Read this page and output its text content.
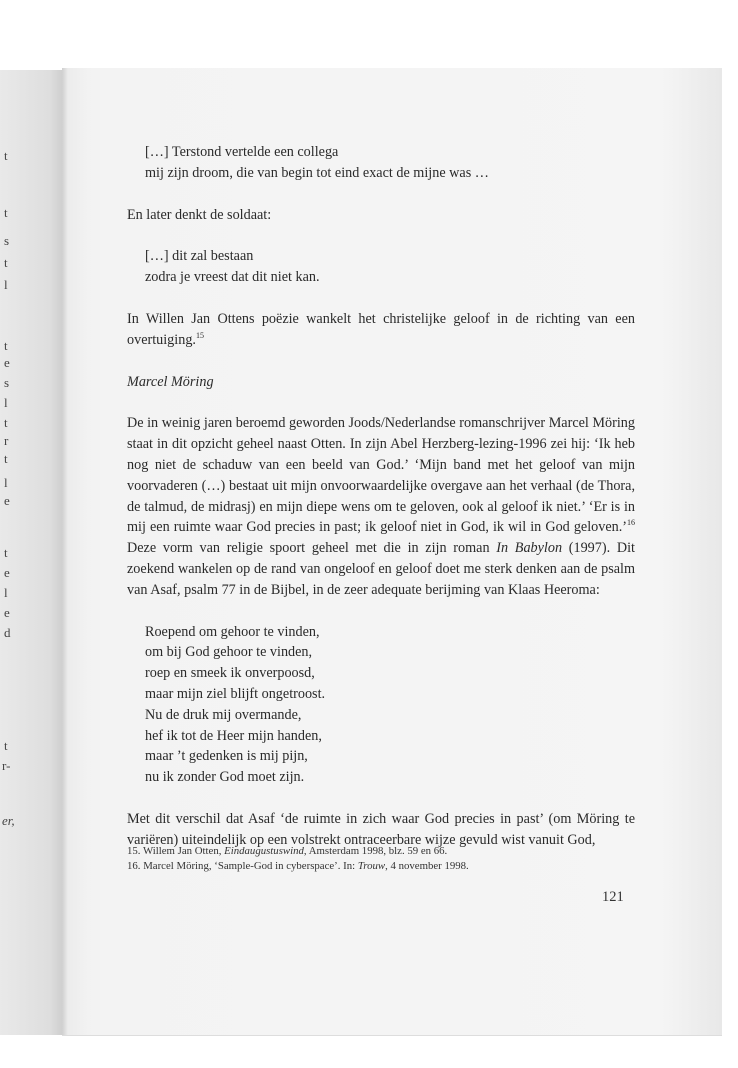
t
t
s
t
l
t
e
s
l
t
r
t
l
e
t
e
l
e
d
t
r-
er,

[…] Terstond vertelde een collega

mij zijn droom, die van begin tot eind exact de mijne was …

En later denkt de soldaat:

[…] dit zal bestaan

zodra je vreest dat dit niet kan.

In Willen Jan Ottens poëzie wankelt het christelijke geloof in de richting van een overtuiging.$^{15}$

Marcel Möring

De in weinig jaren beroemd geworden Joods/Nederlandse romanschrijver Marcel Möring staat in dit opzicht geheel naast Otten. In zijn Abel Herzberg-lezing-1996 zei hij: ‘Ik heb nog niet de schaduw van een beeld van God.’ ‘Mijn band met het geloof van mijn voorvaderen (…) bestaat uit mijn onvoorwaardelijke overgave aan het verhaal (de Thora, de talmud, de midrasj) en mijn diepe wens om te geloven, ook al geloof ik niet.’ ‘Er is in mij een ruimte waar God precies in past; ik geloof niet in God, ik wil in God geloven.’$^{16}$ Deze vorm van religie spoort geheel met die in zijn roman In Babylon (1997). Dit zoekend wankelen op de rand van ongeloof en geloof doet me sterk denken aan de psalm van Asaf, psalm 77 in de Bijbel, in de zeer adequate berijming van Klaas Heeroma:

Roepend om gehoor te vinden,

om bij God gehoor te vinden,

roep en smeek ik onverpoosd,

maar mijn ziel blijft ongetroost.

Nu de druk mij overmande,

hef ik tot de Heer mijn handen,

maar ’t gedenken is mij pijn,

nu ik zonder God moet zijn.

Met dit verschil dat Asaf ‘de ruimte in zich waar God precies in past’ (om Möring te variëren) uiteindelijk op een volstrekt ontraceerbare wijze gevuld wist vanuit God,

15. Willem Jan Otten, Eindaugustuswind, Amsterdam 1998, blz. 59 en 66.
16. Marcel Möring, ‘Sample-God in cyberspace’. In: Trouw, 4 november 1998.
121
